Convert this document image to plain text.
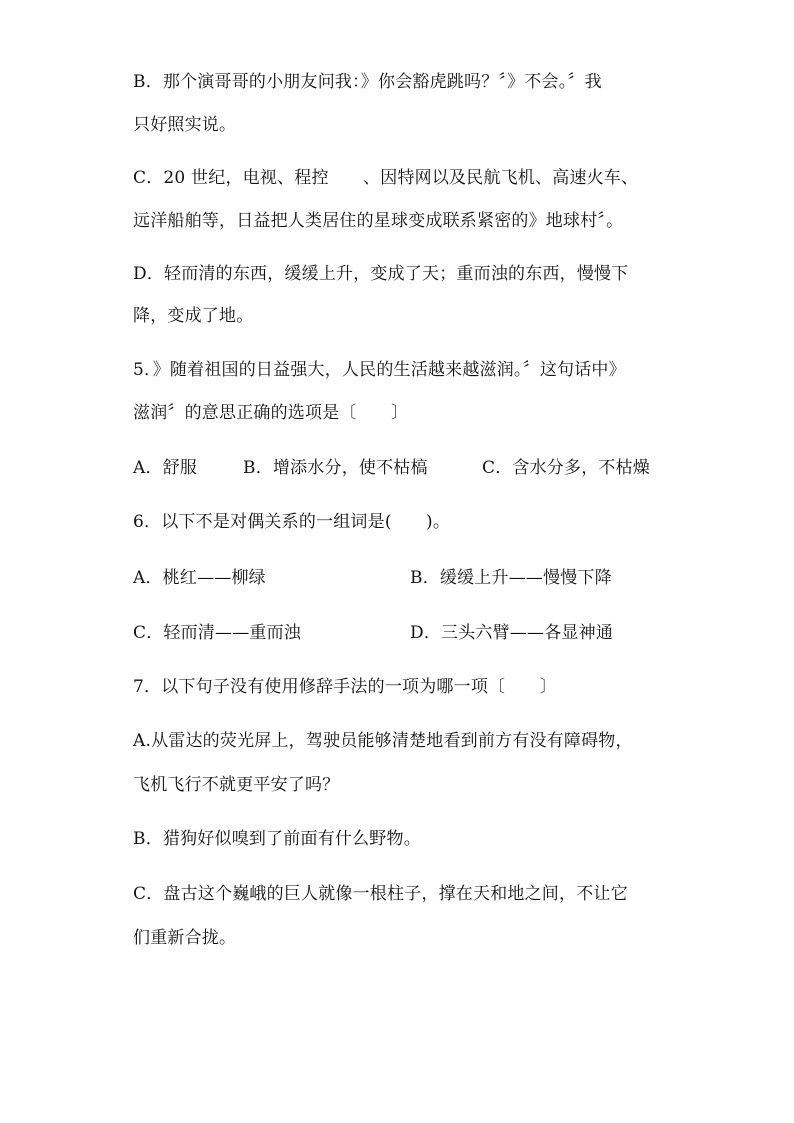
B．那个演哥哥的小朋友问我：》你会豁虎跳吗？〞》不会。〞我
只好照实说。
C．20 世纪，电视、程控　　、因特网以及民航飞机、高速火车、
远洋船舶等，日益把人类居住的星球变成联系紧密的》地球村〞。
D．轻而清的东西，缓缓上升，变成了天；重而浊的东西，慢慢下
降，变成了地。
5．》随着祖国的日益强大，人民的生活越来越滋润。〞这句话中》
滋润〞的意思正确的选项是〔　　〕
A．舒服	B．增添水分，使不枯槁	C．含水分多，不枯燥
6．以下不是对偶关系的一组词是(　　)。
A．桃红——柳绿	B．缓缓上升——慢慢下降
C．轻而清——重而浊	D．三头六臂——各显神通
7．以下句子没有使用修辞手法的一项为哪一项〔　　〕
A.从雷达的荧光屏上，驾驶员能够清楚地看到前方有没有障碍物，
飞机飞行不就更平安了吗？
B．猎狗好似嗅到了前面有什么野物。
C．盘古这个巍峨的巨人就像一根柱子，撑在天和地之间，不让它
们重新合拢。
